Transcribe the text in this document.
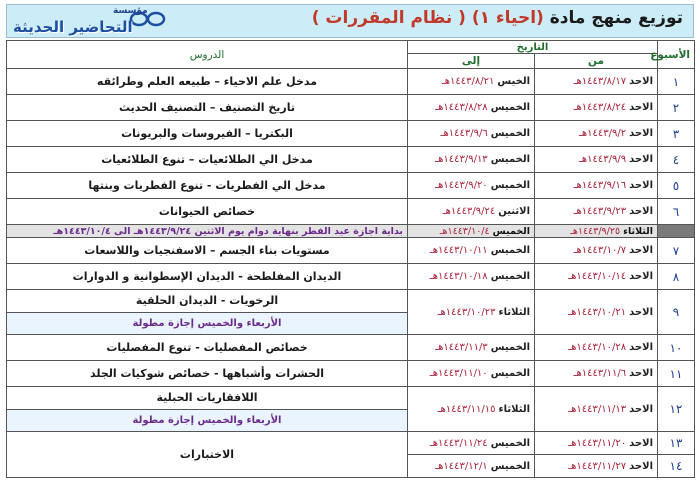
توزيع منهج مادة (احياء ١) ( نظام المقررات )
مؤسسة
التحاضير الحديثة
الأسبوع	التاريخ		الدروس
	من	إلى	
١	الاحد١٤٤٣/٨/١٧هـ	الخيس١٤٤٣/٨/٢١هـ	مدخل علم الاحياء – طبيعه العلم وطرائقه

٢	الاحد١٤٤٣/٨/٢٤هـ	الخميس١٤٤٣/٨/٢٨هـ	تاريخ التصنيف – التصنيف الحديث

٣	الاحد١٤٤٣/٩/٢هـ	الخميس١٤٤٣/٩/٦هـ	البكتريا – الفيروسات والبريونات

٤	الاحد١٤٤٣/٩/٩هـ	الخميس١٤٤٣/٩/١٣هـ	مدخل الي الطلائعيات – تنوع الطلائعيات

٥	الاحد١٤٤٣/٩/١٦هـ	الخميس١٤٤٣/٩/٢٠هـ	مدخل الي الفطريات - تنوع الفطريات وبنتها

٦	الاحد١٤٤٣/٩/٢٣هـ	الاثنين١٤٤٣/٩/٢٤هـ	خصائص الحيوانات

	الثلاثاء ١٤٤٣/٩/٢٥هـ	الخميس ١٤٤٣/١٠/٤هـ	بداية اجازة عيد الفطر بنهاية دوام يوم الاثنين ١٤٤٣/٩/٢٤هـ الى ١٤٤٣/١٠/٤هـ
٧	الاحد١٤٤٣/١٠/٧هـ	الخميس١٤٤٣/١٠/١١هـ	مستويات بناء الجسم – الاسفنجيات واللاسعات

٨	الاحد١٤٤٣/١٠/١٤هـ	الخميس١٤٤٣/١٠/١٨هـ	الديدان المفلطحة - الديدان الإسطوانية و الدوارات

٩	الاحد١٤٤٣/١٠/٢١هـ	الثلاثاء١٤٤٣/١٠/٢٣هـ	الرخويات - الديدان الحلقية
الأربعاء والخميس إجازة مطولة

١٠	الاحد١٤٤٣/١٠/٢٨هـ	الخميس١٤٤٣/١١/٣هـ	خصائص المفصليات - تنوع المفصليات

١١	الاحد١٤٤٣/١١/٦هـ	الخميس١٤٤٣/١١/١٠هـ	الحشرات وأشباهها - خصائص شوكيات الجلد

١٢	الاحد١٤٤٣/١١/١٣هـ	الثلاثاء١٤٤٣/١١/١٥هـ	اللافقاريات الحبلية
الأربعاء والخميس إجازة مطولة

١٣	الاحد١٤٤٣/١١/٢٠هـ	الخميس١٤٤٣/١١/٢٤هـ	الاختبارات
١٤	الاحد١٤٤٣/١١/٢٧هـ	الخميس١٤٤٣/١٢/١هـ	
